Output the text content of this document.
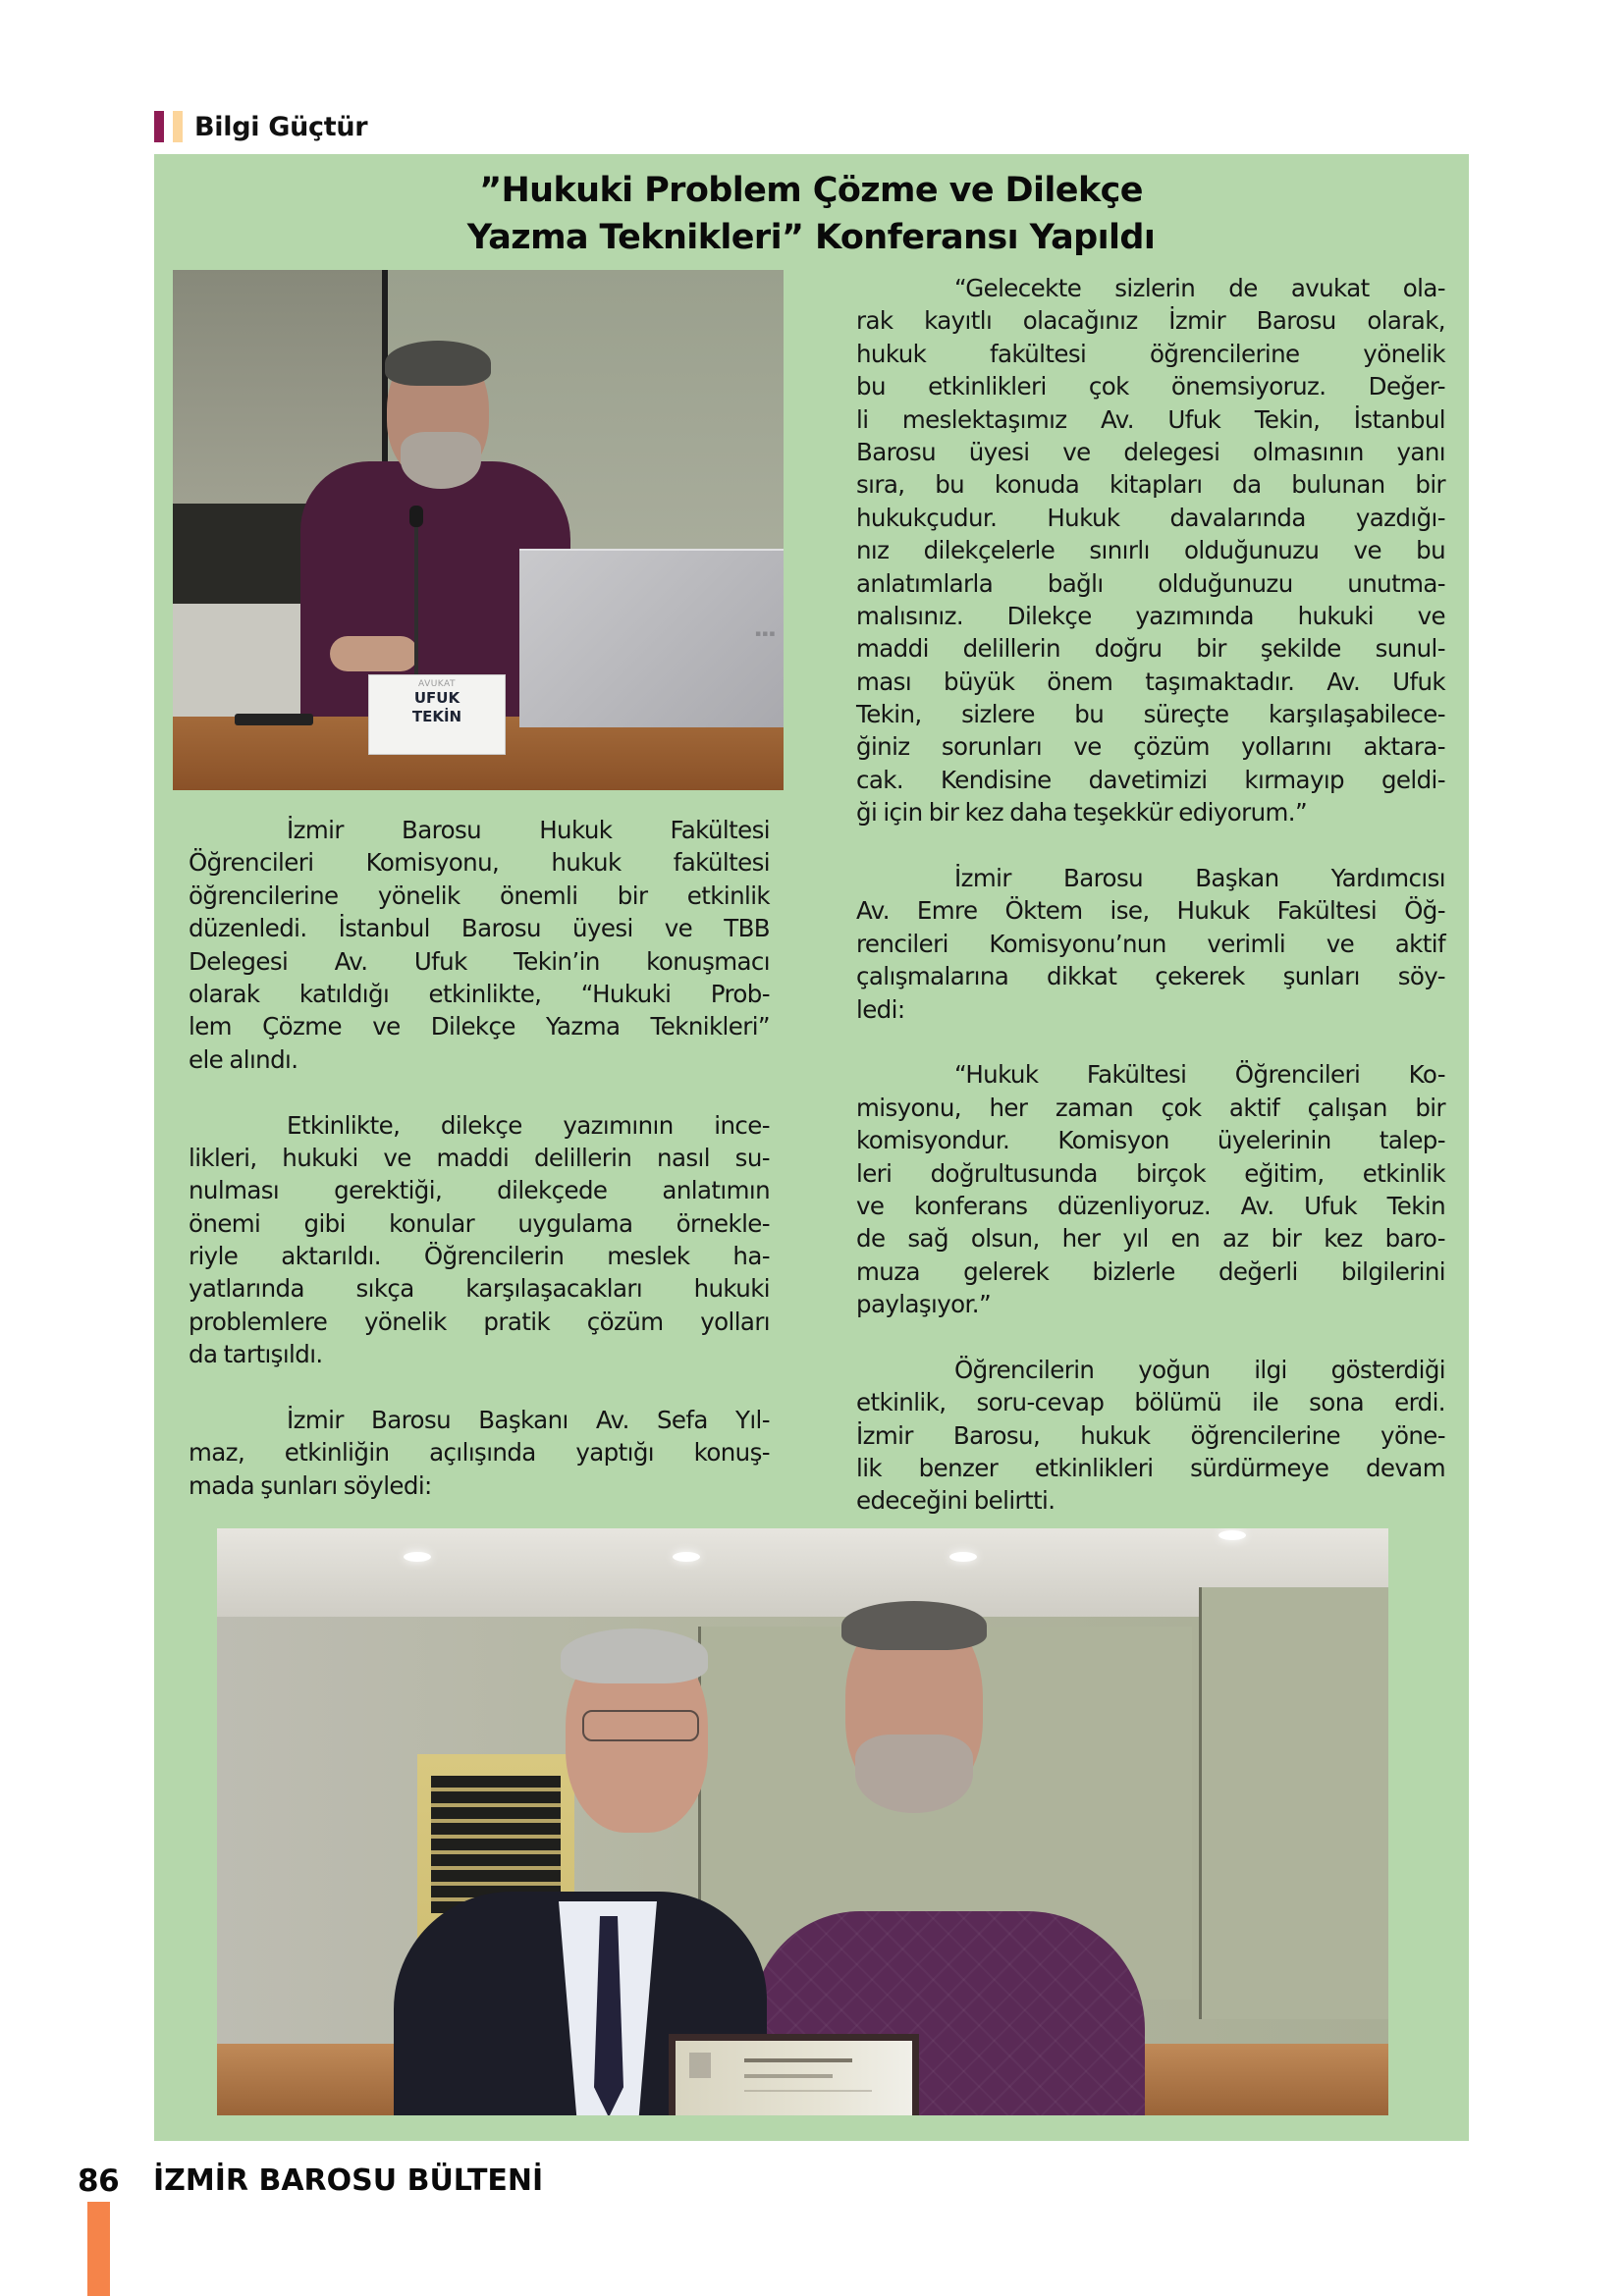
Bilgi Güçtür
”Hukuki Problem Çözme ve Dilekçe
Yazma Teknikleri” Konferansı Yapıldı
▪▪▪
AVUKAT
UFUK
TEKİN
İzmir Barosu Hukuk Fakültesi
Öğrencileri Komisyonu, hukuk fakültesi
öğrencilerine yönelik önemli bir etkinlik
düzenledi. İstanbul Barosu üyesi ve TBB
Delegesi Av. Ufuk Tekin’in konuşmacı
olarak katıldığı etkinlikte, “Hukuki Prob-
lem Çözme ve Dilekçe Yazma Teknikleri”
ele alındı.
Etkinlikte, dilekçe yazımının ince-
likleri, hukuki ve maddi delillerin nasıl su-
nulması gerektiği, dilekçede anlatımın
önemi gibi konular uygulama örnekle-
riyle aktarıldı. Öğrencilerin meslek ha-
yatlarında sıkça karşılaşacakları hukuki
problemlere yönelik pratik çözüm yolları
da tartışıldı.
İzmir Barosu Başkanı Av. Sefa Yıl-
maz, etkinliğin açılışında yaptığı konuş-
mada şunları söyledi:
“Gelecekte sizlerin de avukat ola-
rak kayıtlı olacağınız İzmir Barosu olarak,
hukuk fakültesi öğrencilerine yönelik
bu etkinlikleri çok önemsiyoruz. Değer-
li meslektaşımız Av. Ufuk Tekin, İstanbul
Barosu üyesi ve delegesi olmasının yanı
sıra, bu konuda kitapları da bulunan bir
hukukçudur. Hukuk davalarında yazdığı-
nız dilekçelerle sınırlı olduğunuzu ve bu
anlatımlarla bağlı olduğunuzu unutma-
malısınız. Dilekçe yazımında hukuki ve
maddi delillerin doğru bir şekilde sunul-
ması büyük önem taşımaktadır. Av. Ufuk
Tekin, sizlere bu süreçte karşılaşabilece-
ğiniz sorunları ve çözüm yollarını aktara-
cak. Kendisine davetimizi kırmayıp geldi-
ği için bir kez daha teşekkür ediyorum.”
İzmir Barosu Başkan Yardımcısı
Av. Emre Öktem ise, Hukuk Fakültesi Öğ-
rencileri Komisyonu’nun verimli ve aktif
çalışmalarına dikkat çekerek şunları söy-
ledi:
“Hukuk Fakültesi Öğrencileri Ko-
misyonu, her zaman çok aktif çalışan bir
komisyondur. Komisyon üyelerinin talep-
leri doğrultusunda birçok eğitim, etkinlik
ve konferans düzenliyoruz. Av. Ufuk Tekin
de sağ olsun, her yıl en az bir kez baro-
muza gelerek bizlerle değerli bilgilerini
paylaşıyor.”
Öğrencilerin yoğun ilgi gösterdiği
etkinlik, soru-cevap bölümü ile sona erdi.
İzmir Barosu, hukuk öğrencilerine yöne-
lik benzer etkinlikleri sürdürmeye devam
edeceğini belirtti.
86 İZMİR BAROSU BÜLTENİ
